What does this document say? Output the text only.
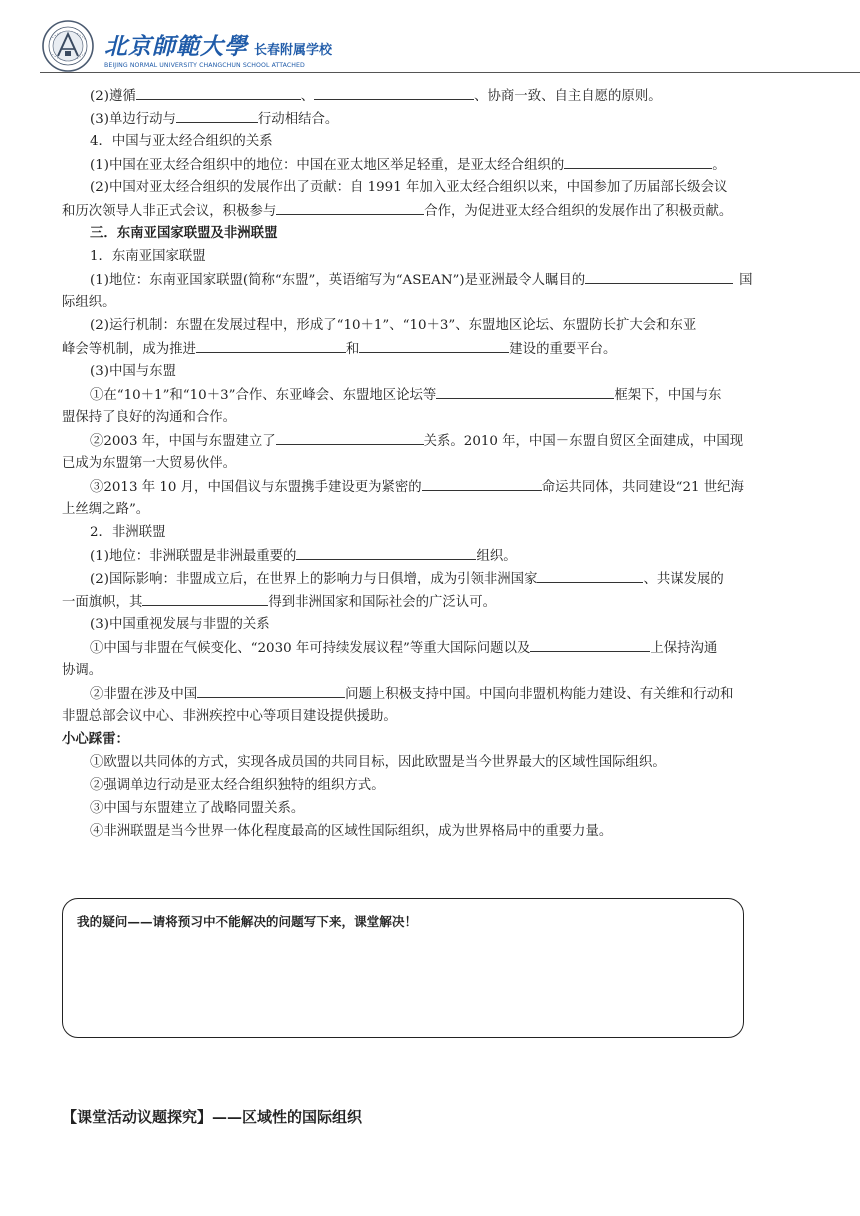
北京師範大學 长春附属学校
BEIJING NORMAL UNIVERSITY CHANGCHUN SCHOOL ATTACHED
(2)遵循	、	、协商一致、自主自愿的原则。
(3)单边行动与	行动相结合。
4．中国与亚太经合组织的关系
(1)中国在亚太经合组织中的地位：中国在亚太地区举足轻重，是亚太经合组织的	。
(2)中国对亚太经合组织的发展作出了贡献：自 1991 年加入亚太经合组织以来，中国参加了历届部长级会议
和历次领导人非正式会议，积极参与	合作，为促进亚太经合组织的发展作出了积极贡献。
三．东南亚国家联盟及非洲联盟
1．东南亚国家联盟
(1)地位：东南亚国家联盟(简称“东盟”，英语缩写为“ASEAN”)是亚洲最令人瞩目的	国
际组织。
(2)运行机制：东盟在发展过程中，形成了“10＋1”、“10＋3”、东盟地区论坛、东盟防长扩大会和东亚
峰会等机制，成为推进	和	建设的重要平台。
(3)中国与东盟
①在“10＋1”和“10＋3”合作、东亚峰会、东盟地区论坛等	框架下，中国与东
盟保持了良好的沟通和合作。
②2003 年，中国与东盟建立了	关系。2010 年，中国－东盟自贸区全面建成，中国现
已成为东盟第一大贸易伙伴。
③2013 年 10 月，中国倡议与东盟携手建设更为紧密的	命运共同体，共同建设“21 世纪海
上丝绸之路”。
2．非洲联盟
(1)地位：非洲联盟是非洲最重要的	组织。
(2)国际影响：非盟成立后，在世界上的影响力与日俱增，成为引领非洲国家	、共谋发展的
一面旗帜，其	得到非洲国家和国际社会的广泛认可。
(3)中国重视发展与非盟的关系
①中国与非盟在气候变化、“2030 年可持续发展议程”等重大国际问题以及	上保持沟通
协调。
②非盟在涉及中国	问题上积极支持中国。中国向非盟机构能力建设、有关维和行动和
非盟总部会议中心、非洲疾控中心等项目建设提供援助。
小心踩雷：
①欧盟以共同体的方式，实现各成员国的共同目标，因此欧盟是当今世界最大的区域性国际组织。
②强调单边行动是亚太经合组织独特的组织方式。
③中国与东盟建立了战略同盟关系。
④非洲联盟是当今世界一体化程度最高的区域性国际组织，成为世界格局中的重要力量。
我的疑问——请将预习中不能解决的问题写下来，课堂解决！
【课堂活动议题探究】——区域性的国际组织
